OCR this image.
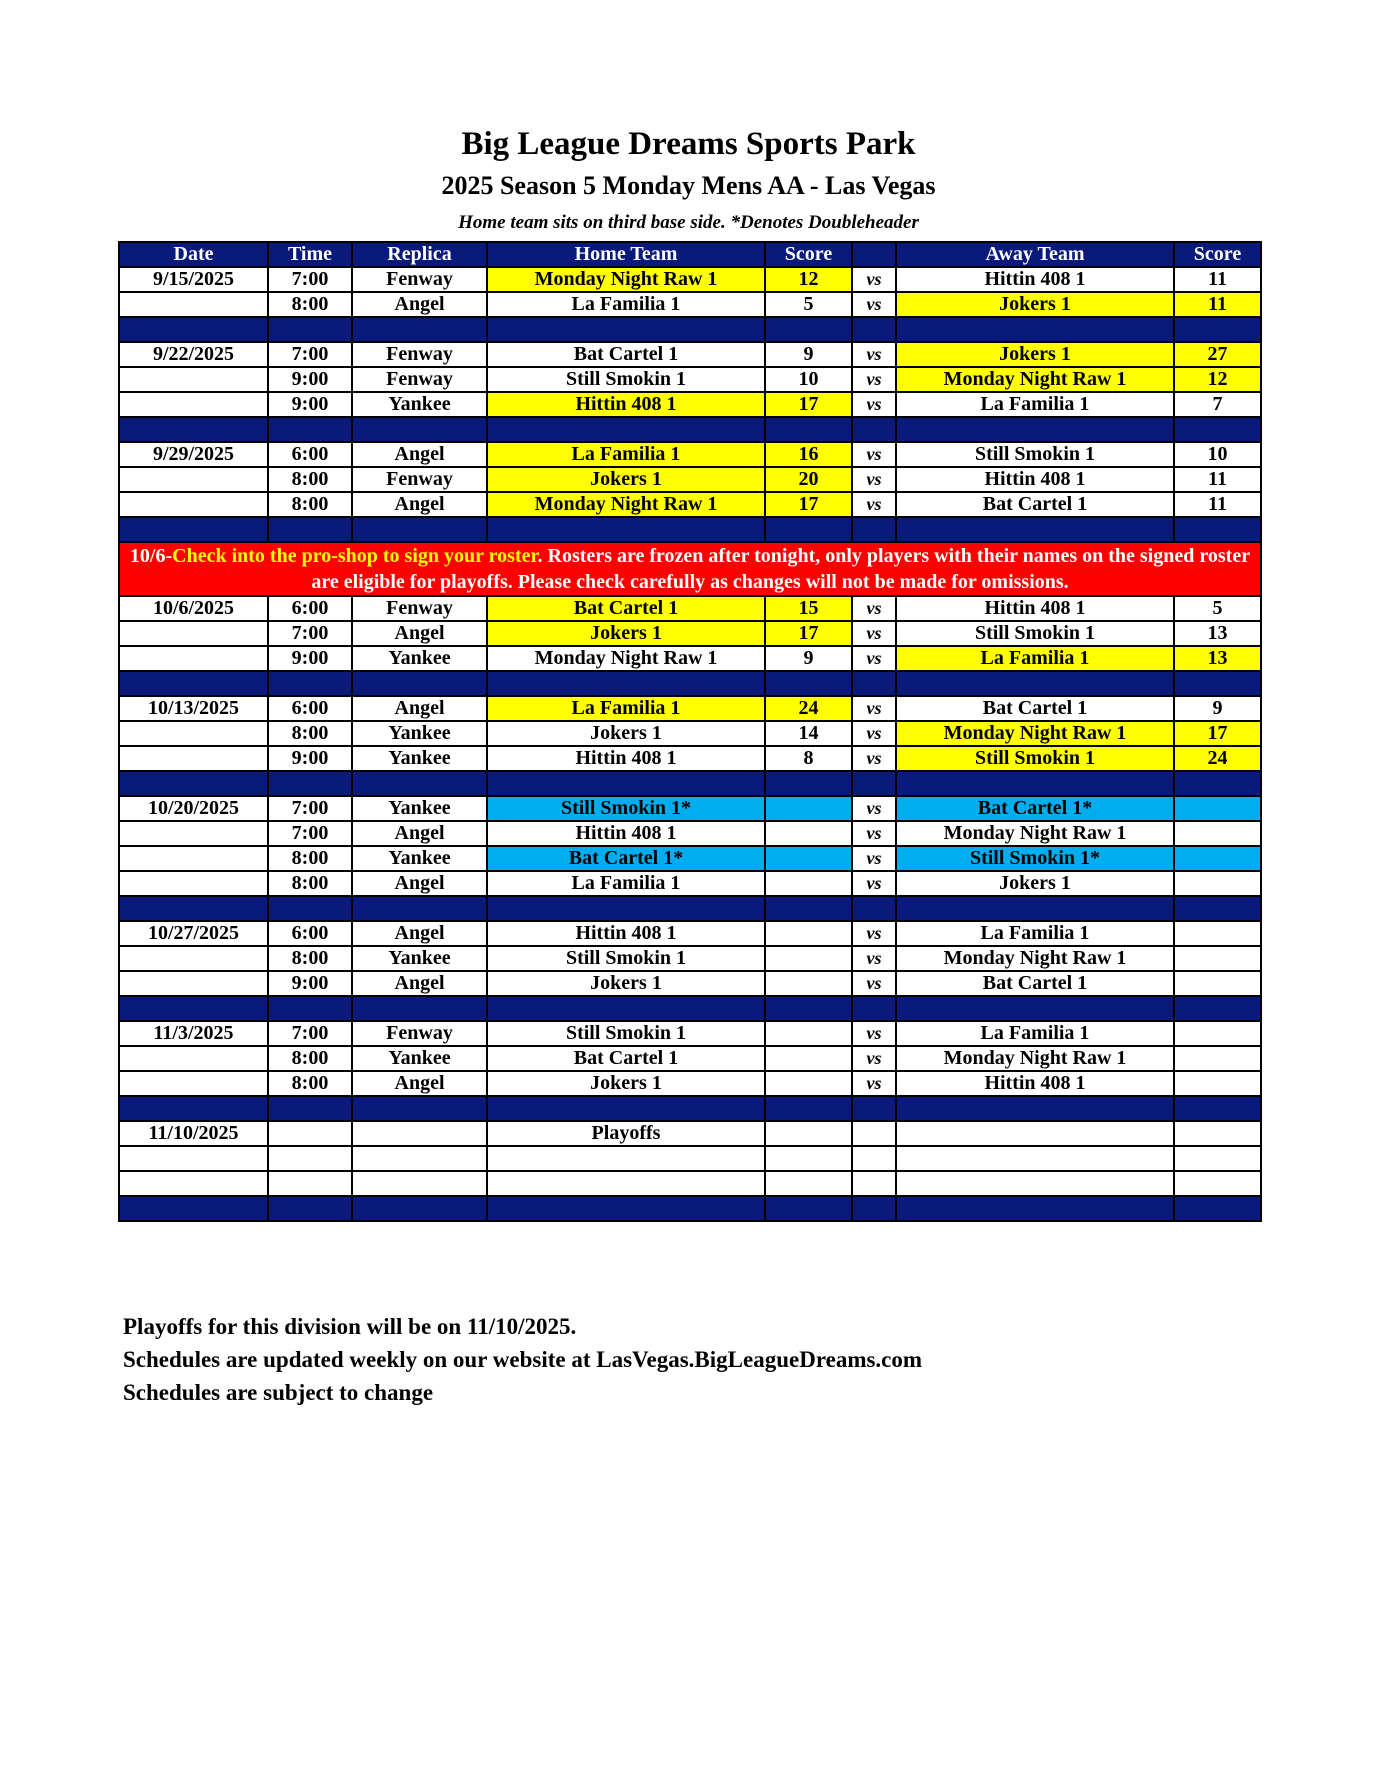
Big League Dreams Sports Park
2025 Season 5 Monday Mens AA - Las Vegas
Home team sits on third base side. *Denotes Doubleheader
Date	Time	Replica	Home Team	Score		Away Team	Score
9/15/2025	7:00	Fenway	Monday Night Raw 1	12	vs	Hittin 408 1	11
	8:00	Angel	La Familia 1	5	vs	Jokers 1	11

9/22/2025	7:00	Fenway	Bat Cartel 1	9	vs	Jokers 1	27
	9:00	Fenway	Still Smokin 1	10	vs	Monday Night Raw 1	12
	9:00	Yankee	Hittin 408 1	17	vs	La Familia 1	7

9/29/2025	6:00	Angel	La Familia 1	16	vs	Still Smokin 1	10
	8:00	Fenway	Jokers 1	20	vs	Hittin 408 1	11
	8:00	Angel	Monday Night Raw 1	17	vs	Bat Cartel 1	11

10/6-Check into the pro-shop to sign your roster. Rosters are frozen after tonight, only players with their names on the signed roster are eligible for playoffs. Please check carefully as changes will not be made for omissions.							
10/6/2025	6:00	Fenway	Bat Cartel 1	15	vs	Hittin 408 1	5
	7:00	Angel	Jokers 1	17	vs	Still Smokin 1	13
	9:00	Yankee	Monday Night Raw 1	9	vs	La Familia 1	13

10/13/2025	6:00	Angel	La Familia 1	24	vs	Bat Cartel 1	9
	8:00	Yankee	Jokers 1	14	vs	Monday Night Raw 1	17
	9:00	Yankee	Hittin 408 1	8	vs	Still Smokin 1	24

10/20/2025	7:00	Yankee	Still Smokin 1*		vs	Bat Cartel 1*	
	7:00	Angel	Hittin 408 1		vs	Monday Night Raw 1	
	8:00	Yankee	Bat Cartel 1*		vs	Still Smokin 1*	
	8:00	Angel	La Familia 1		vs	Jokers 1	

10/27/2025	6:00	Angel	Hittin 408 1		vs	La Familia 1	
	8:00	Yankee	Still Smokin 1		vs	Monday Night Raw 1	
	9:00	Angel	Jokers 1		vs	Bat Cartel 1	

11/3/2025	7:00	Fenway	Still Smokin 1		vs	La Familia 1	
	8:00	Yankee	Bat Cartel 1		vs	Monday Night Raw 1	
	8:00	Angel	Jokers 1		vs	Hittin 408 1	

11/10/2025			Playoffs				

Playoffs for this division will be on 11/10/2025.
Schedules are updated weekly on our website at LasVegas.BigLeagueDreams.com
Schedules are subject to change
